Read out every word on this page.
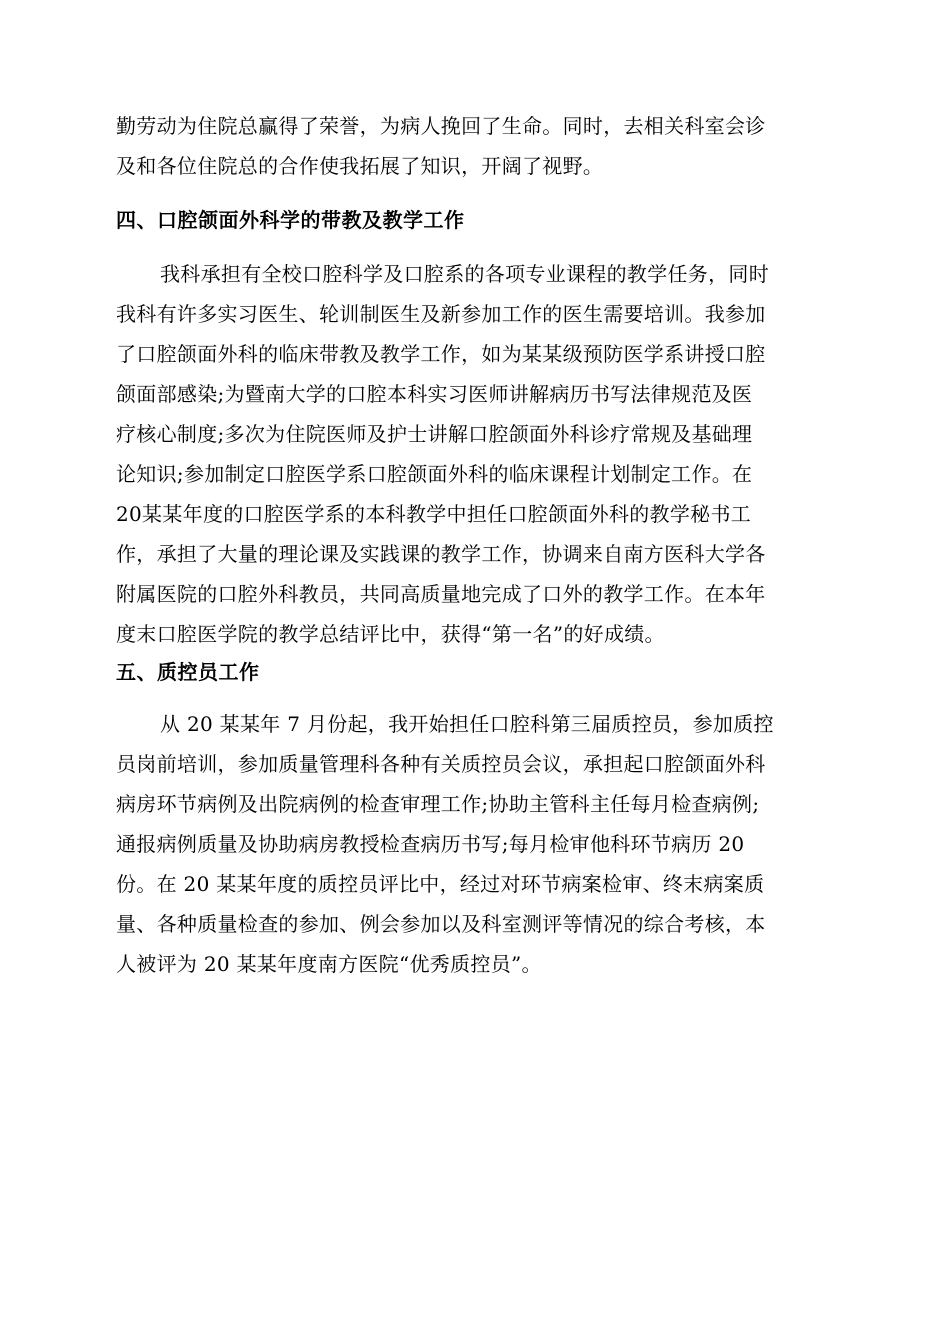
勤劳动为住院总赢得了荣誉，为病人挽回了生命。同时，去相关科室会诊
及和各位住院总的合作使我拓展了知识，开阔了视野。
四、口腔颌面外科学的带教及教学工作
我科承担有全校口腔科学及口腔系的各项专业课程的教学任务，同时
我科有许多实习医生、轮训制医生及新参加工作的医生需要培训。我参加
了口腔颌面外科的临床带教及教学工作，如为某某级预防医学系讲授口腔
颌面部感染;为暨南大学的口腔本科实习医师讲解病历书写法律规范及医
疗核心制度;多次为住院医师及护士讲解口腔颌面外科诊疗常规及基础理
论知识;参加制定口腔医学系口腔颌面外科的临床课程计划制定工作。在
20某某年度的口腔医学系的本科教学中担任口腔颌面外科的教学秘书工
作，承担了大量的理论课及实践课的教学工作，协调来自南方医科大学各
附属医院的口腔外科教员，共同高质量地完成了口外的教学工作。在本年
度末口腔医学院的教学总结评比中，获得“第一名”的好成绩。
五、质控员工作
从 20 某某年 7 月份起，我开始担任口腔科第三届质控员，参加质控
员岗前培训，参加质量管理科各种有关质控员会议，承担起口腔颌面外科
病房环节病例及出院病例的检查审理工作;协助主管科主任每月检查病例;
通报病例质量及协助病房教授检查病历书写;每月检审他科环节病历 20
份。在 20 某某年度的质控员评比中，经过对环节病案检审、终末病案质
量、各种质量检查的参加、例会参加以及科室测评等情况的综合考核，本
人被评为 20 某某年度南方医院“优秀质控员”。
